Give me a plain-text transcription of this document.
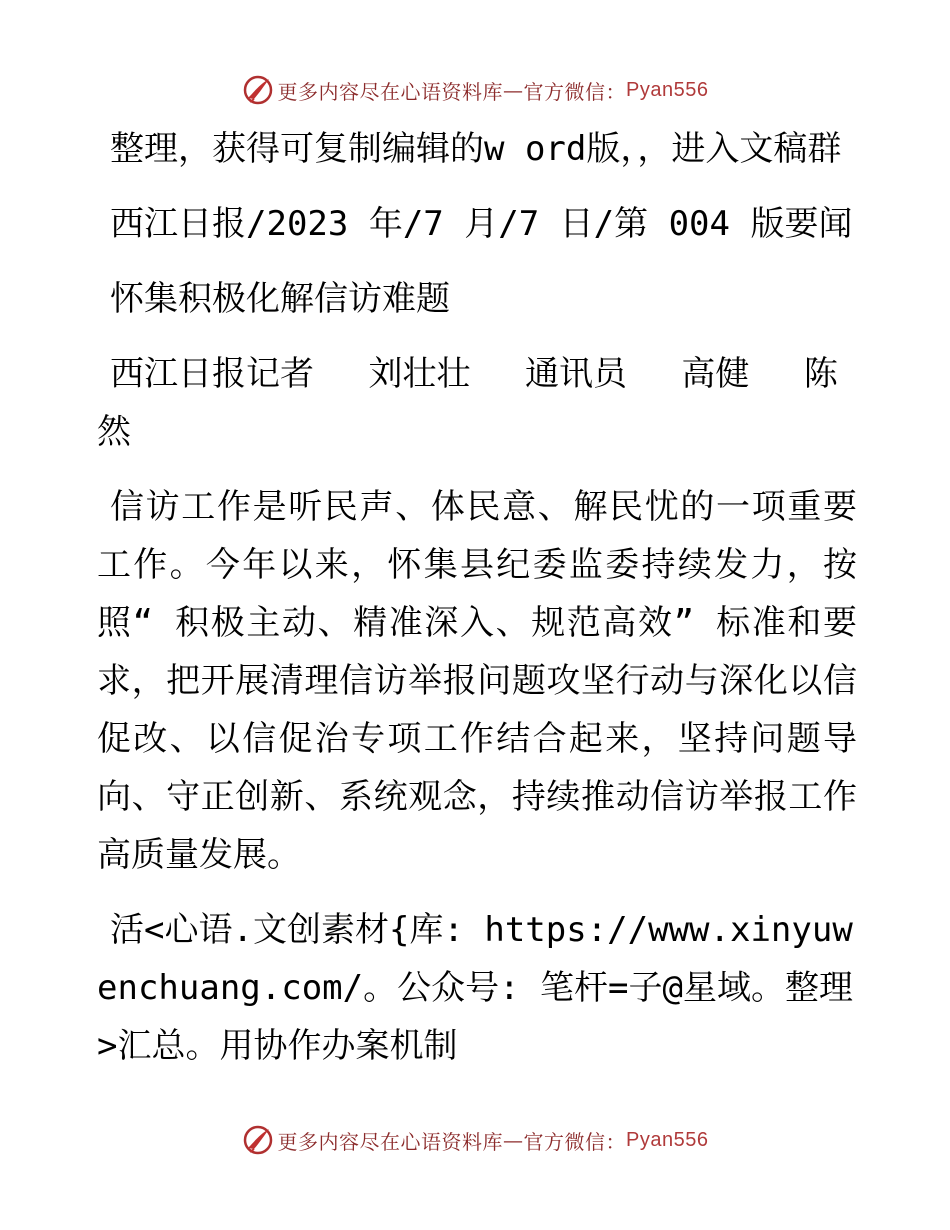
更多内容尽在心语资料库 — 官方微信： Pyan556

整理，获得可复制编辑的w ord版，，进入文稿群

西江日报/2023 年/7 月/7 日/第 004 版要闻

怀集积极化解信访难题

西江日报记者　 刘壮壮　 通讯员　 高健　 陈然

信访工作是听民声、体民意、解民忧的一项重要工作。今年以来，怀集县纪委监委持续发力，按照“ 积极主动、精准深入、规范高效” 标准和要求，把开展清理信访举报问题攻坚行动与深化以信促改、以信促治专项工作结合起来，坚持问题导向、守正创新、系统观念，持续推动信访举报工作高质量发展。

活<心语.文创素材{库: https://www.xinyuwenchuang.com/。公众号: 笔杆=子@星域。整理>汇总。用协作办案机制

更多内容尽在心语资料库 — 官方微信： Pyan556
